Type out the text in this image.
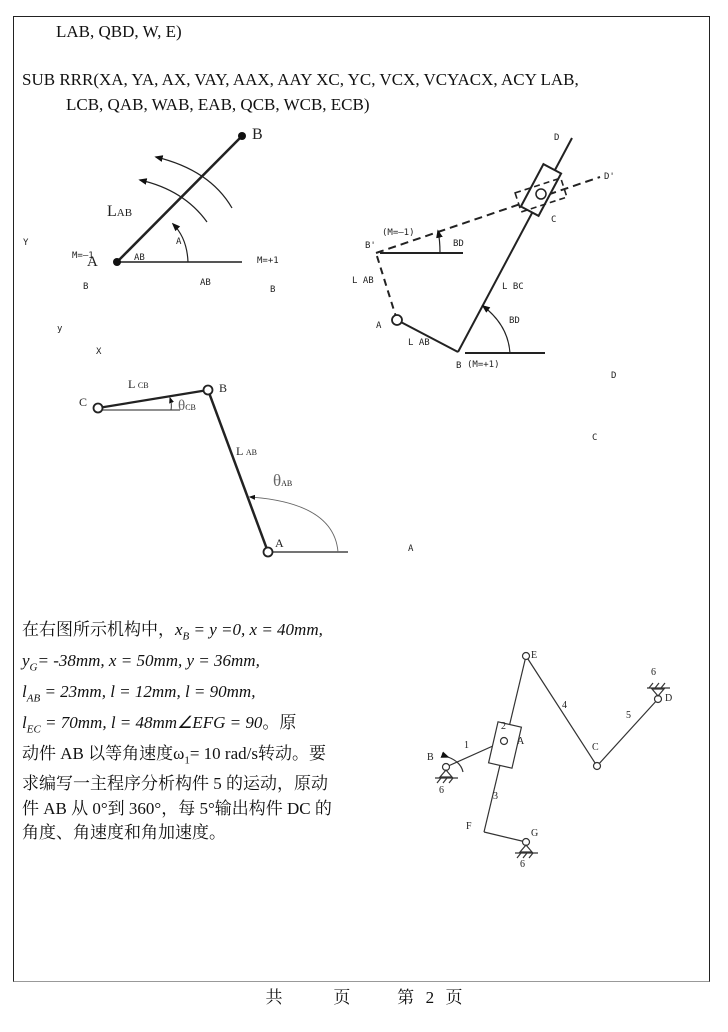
LAB, QBD, W, E)
SUB RRR(XA, YA, AX, VAY, AAX, AAY XC, YC, VCX, VCYACX, ACY LAB,
LCB, QAB, WAB, EAB, QCB, WCB, ECB)
B
LAB
A
AB
M=–1
A	M=+1
Y
B	AB
B
y
X
D
D'
C
B'
(M=–1)
BD
L AB
L BC
A	BD
L AB
B (M=+1)
D
C
A
L CB	B
C	θCB
L AB
θAB
A
在右图所示机构中，$x_B = y =0$, x = 40mm,
$y_G= -38mm$, x = 50mm, y = 36mm,
$l_{AB} = 23mm$, l = 12mm, l = 90mm,
$l_{EC} = 70mm$, l = 48mm∠EFG = 90。原
动件 AB 以等角速度$\omega_1= 10$ rad/s转动。要
求编写一主程序分析构件 5 的运动，原动
件 AB 从 0°到 360°，每 5°输出构件 DC 的
角度、角速度和角加速度。
E
2
A
1
B
6
3
F
G
6
4
C
5
6
D
共	页	第 2 页
